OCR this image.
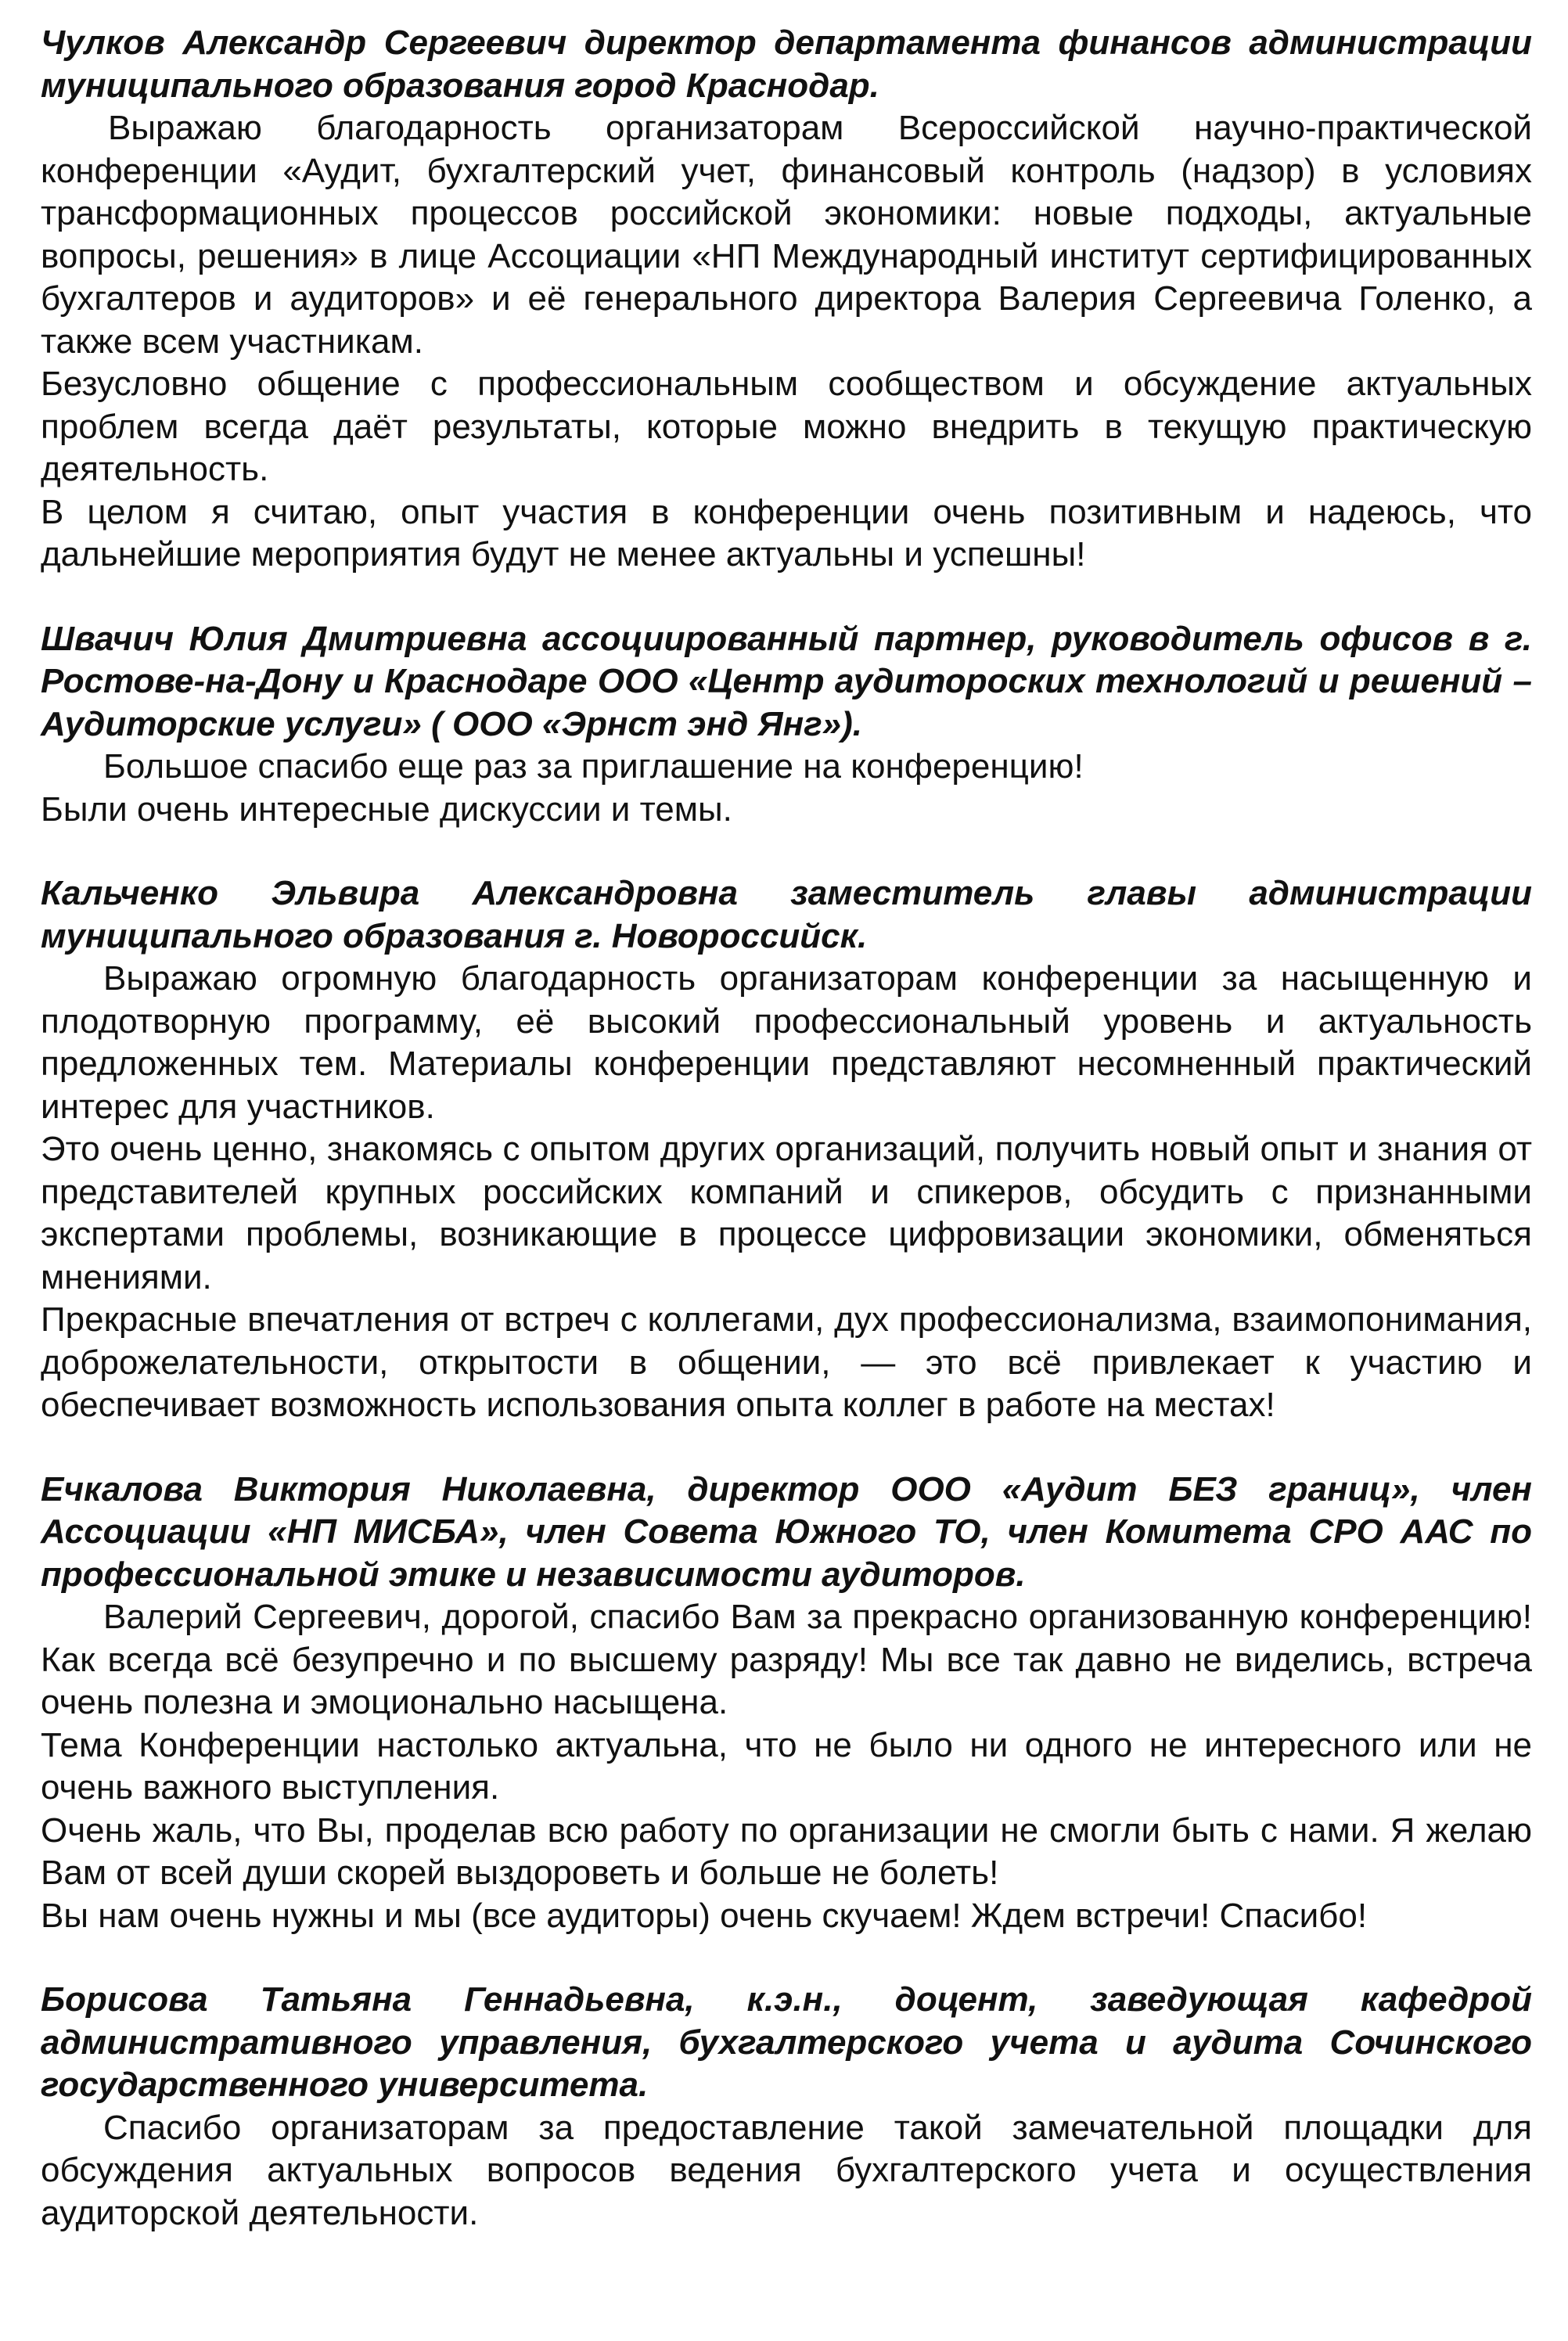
Чулков Александр Сергеевич директор департамента финансов администрации муниципального образования город Краснодар.

Выражаю благодарность организаторам Всероссийской научно-практической конференции «Аудит, бухгалтерский учет, финансовый контроль (надзор) в условиях трансформационных процессов российской экономики: новые подходы, актуальные вопросы, решения» в лице Ассоциации «НП Международный институт сертифицированных бухгалтеров и аудиторов» и её генерального директора Валерия Сергеевича Голенко, а также всем участникам.

Безусловно общение с профессиональным сообществом и обсуждение актуальных проблем всегда даёт результаты, которые можно внедрить в текущую практическую деятельность.

В целом я считаю, опыт участия в конференции очень позитивным и надеюсь, что дальнейшие мероприятия будут не менее актуальны и успешны!

Швачич Юлия Дмитриевна ассоциированный партнер, руководитель офисов в г. Ростове-на-Дону и Краснодаре ООО «Центр аудиторoских технологий и решений – Аудиторские услуги» ( ООО «Эрнст энд Янг»).

Большое спасибо еще раз за приглашение на конференцию!

Были очень интересные дискуссии и темы.

Кальченко Эльвира Александровна заместитель главы администрации муниципального образования г. Новороссийск.

Выражаю огромную благодарность организаторам конференции за насыщенную и плодотворную программу, её высокий профессиональный уровень и актуальность предложенных тем. Материалы конференции представляют несомненный практический интерес для участников.

Это очень ценно, знакомясь с опытом других организаций, получить новый опыт и знания от представителей крупных российских компаний и спикеров, обсудить с признанными экспертами проблемы, возникающие в процессе цифровизации экономики, обменяться мнениями.

Прекрасные впечатления от встреч с коллегами, дух профессионализма, взаимопонимания, доброжелательности, открытости в общении, — это всё привлекает к участию и обеспечивает возможность использования опыта коллег в работе на местах!

Ечкалова Виктория Николаевна, директор ООО «Аудит БЕЗ границ», член Ассоциации «НП МИСБА», член Совета Южного ТО, член Комитета СРО ААС по профессиональной этике и независимости аудиторов.

Валерий Сергеевич, дорогой, спасибо Вам за прекрасно организованную конференцию! Как всегда всё безупречно и по высшему разряду! Мы все так давно не виделись, встреча очень полезна и эмоционально насыщена.

Тема Конференции настолько актуальна, что не было ни одного не интересного или не очень важного выступления.

Очень жаль, что Вы, проделав всю работу по организации не смогли быть с нами. Я желаю Вам от всей души скорей выздороветь и больше не болеть!

Вы нам очень нужны и мы (все аудиторы) очень скучаем! Ждем встречи! Спасибо!

Борисова Татьяна Геннадьевна, к.э.н., доцент, заведующая кафедрой административного управления, бухгалтерского учета и аудита Сочинского государственного университета.

Спасибо организаторам за предоставление такой замечательной площадки для обсуждения актуальных вопросов ведения бухгалтерского учета и осуществления аудиторской деятельности.
